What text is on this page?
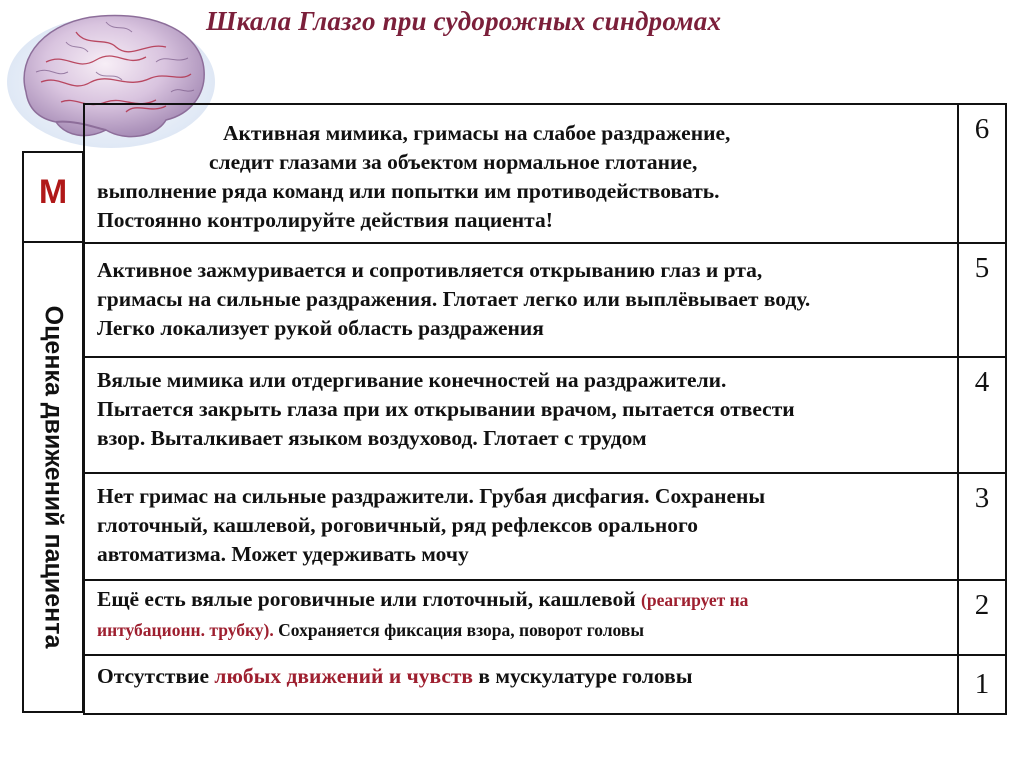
Шкала Глазго при судорожных синдромах
М
Оценка движений пациента
Активная мимика, гримасы на слабое раздражение,
следит глазами за объектом нормальное глотание,
выполнение ряда команд или попытки им противодействовать.
Постоянно контролируйте действия пациента!	6

Активное зажмуривается и сопротивляется открыванию глаз и рта,
гримасы на сильные раздражения. Глотает легко или выплёвывает воду.
Легко локализует рукой область раздражения	5

Вялые мимика или отдергивание конечностей на раздражители.
Пытается закрыть глаза при их открывании врачом, пытается отвести
взор. Выталкивает языком воздуховод. Глотает с трудом	4

Нет гримас на сильные раздражители. Грубая дисфагия. Сохранены
глоточный, кашлевой, роговичный, ряд рефлексов орального
автоматизма. Может удерживать мочу	3

Ещё есть вялые роговичные или глоточный, кашлевой (реагирует на
интубационн. трубку). Сохраняется фиксация взора, поворот головы	2

Отсутствие любых движений и чувств в мускулатуре головы	1
